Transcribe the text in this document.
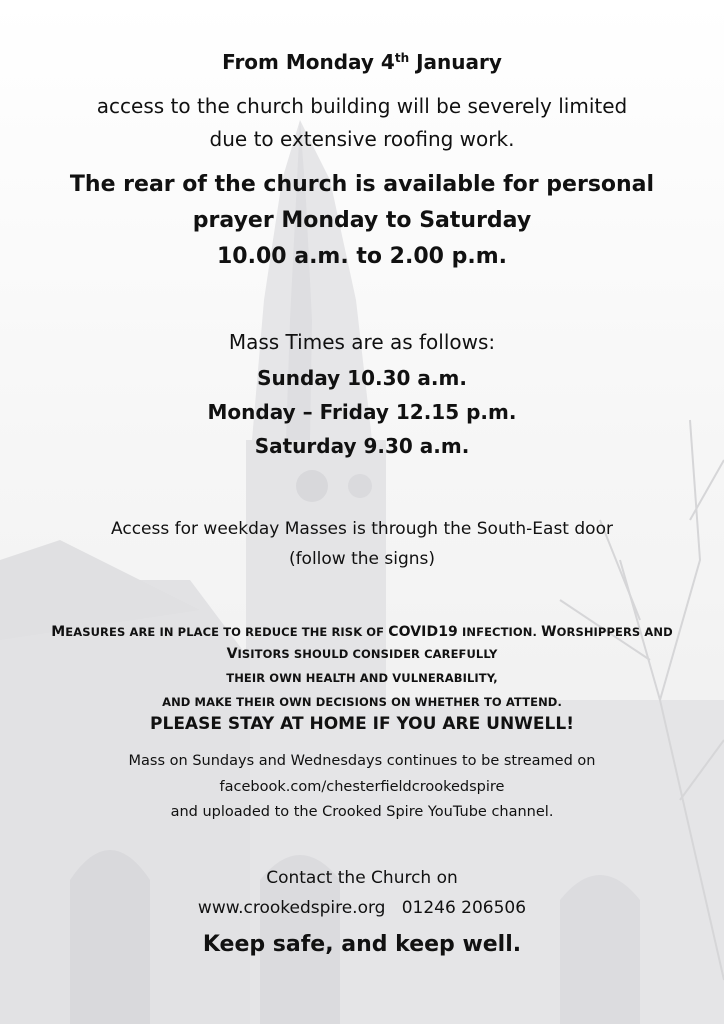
From Monday 4th January
access to the church building will be severely limited
due to extensive roofing work.
The rear of the church is available for personal
prayer Monday to Saturday
10.00 a.m. to 2.00 p.m.
Mass Times are as follows:
Sunday 10.30 a.m.
Monday – Friday 12.15 p.m.
Saturday 9.30 a.m.
Access for weekday Masses is through the South-East door
(follow the signs)
MEASURES ARE IN PLACE TO REDUCE THE RISK OF COVID19 INFECTION. WORSHIPPERS AND
VISITORS SHOULD CONSIDER CAREFULLY
THEIR OWN HEALTH AND VULNERABILITY,
AND MAKE THEIR OWN DECISIONS ON WHETHER TO ATTEND.
PLEASE STAY AT HOME IF YOU ARE UNWELL!
Mass on Sundays and Wednesdays continues to be streamed on
facebook.com/chesterfieldcrookedspire
and uploaded to the Crooked Spire YouTube channel.
Contact the Church on
www.crookedspire.org 01246 206506
Keep safe, and keep well.
